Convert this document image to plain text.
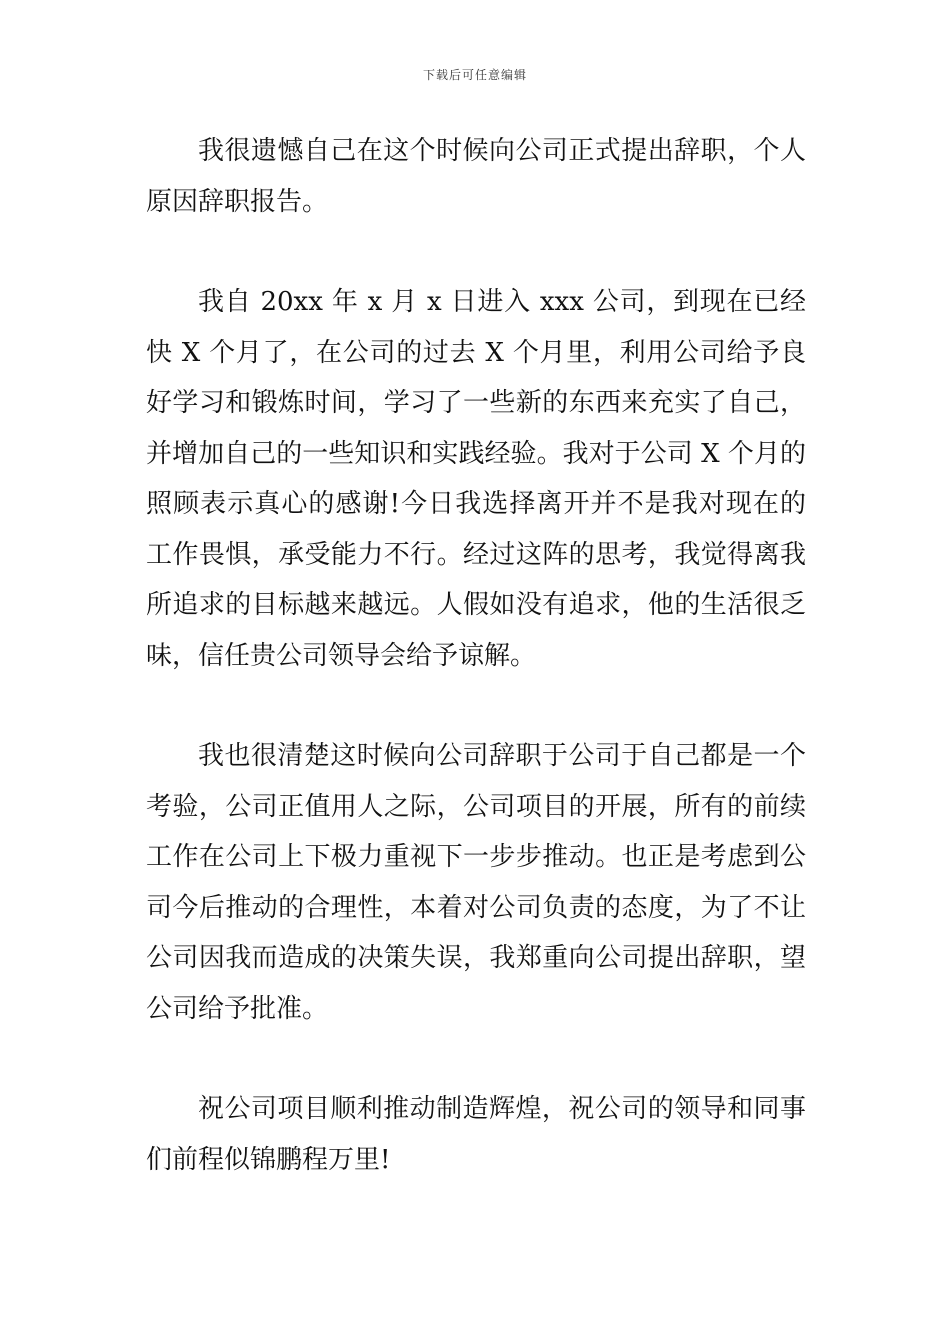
下载后可任意编辑

我很遗憾自己在这个时候向公司正式提出辞职，个人原因辞职报告。

我自 20xx 年 x 月 x 日进入 xxx 公司，到现在已经快 X 个月了，在公司的过去 X 个月里，利用公司给予良好学习和锻炼时间，学习了一些新的东西来充实了自己，并增加自己的一些知识和实践经验。我对于公司 X 个月的照顾表示真心的感谢!今日我选择离开并不是我对现在的工作畏惧，承受能力不行。经过这阵的思考，我觉得离我所追求的目标越来越远。人假如没有追求，他的生活很乏味，信任贵公司领导会给予谅解。

我也很清楚这时候向公司辞职于公司于自己都是一个考验，公司正值用人之际，公司项目的开展，所有的前续工作在公司上下极力重视下一步步推动。也正是考虑到公司今后推动的合理性，本着对公司负责的态度，为了不让公司因我而造成的决策失误，我郑重向公司提出辞职，望公司给予批准。

祝公司项目顺利推动制造辉煌，祝公司的领导和同事们前程似锦鹏程万里!
